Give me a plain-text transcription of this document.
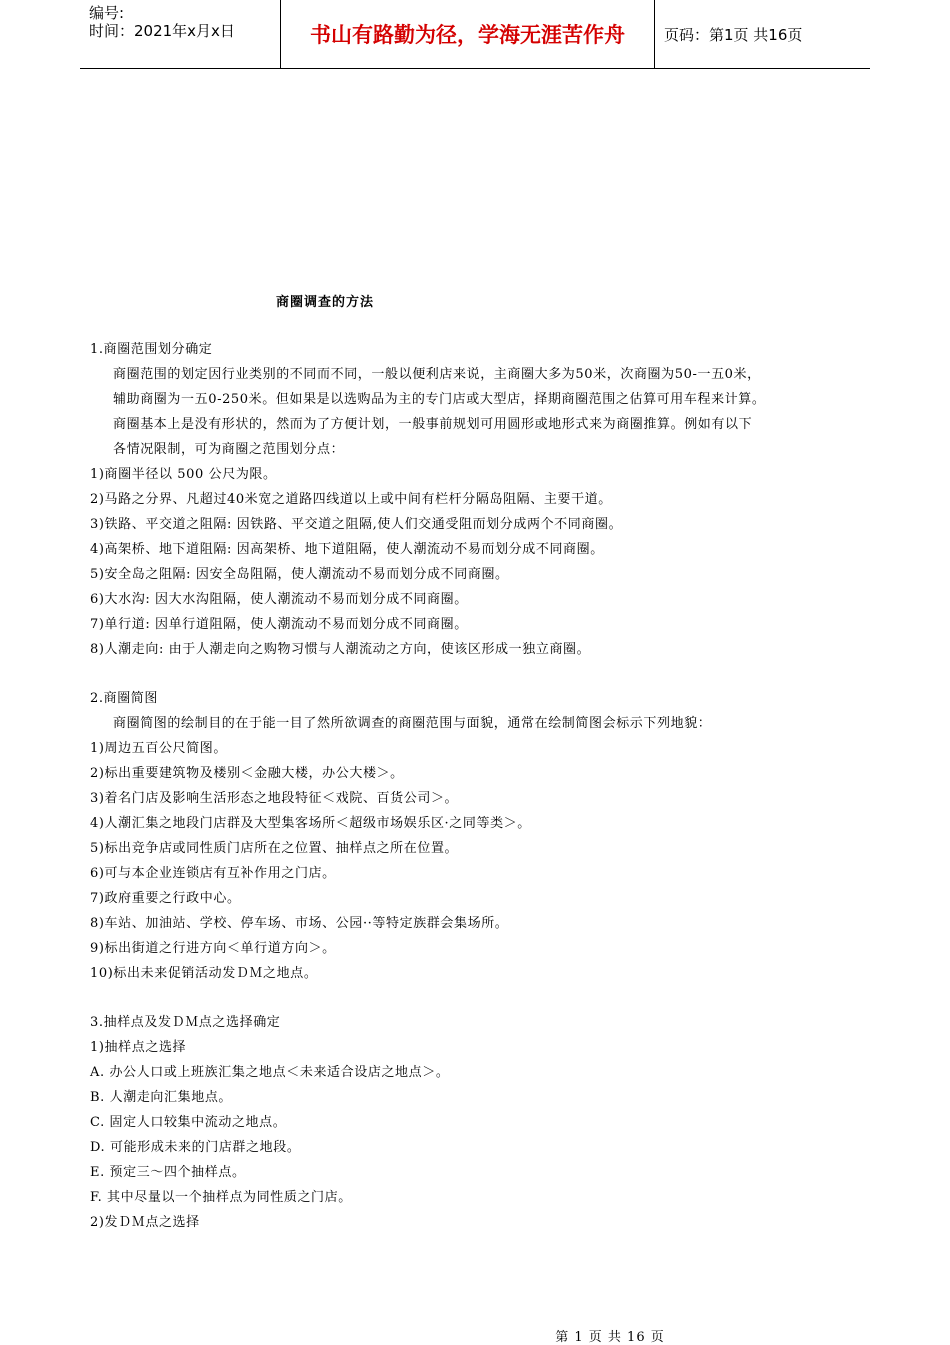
编号:
时间：2021年x月x日	书山有路勤为径，学海无涯苦作舟	页码：第1页 共16页
商圈调查的方法
1.商圈范围划分确定
商圈范围的划定因行业类别的不同而不同，一般以便利店来说，主商圈大多为50米，次商圈为50-一五0米，
辅助商圈为一五0-250米。但如果是以选购品为主的专门店或大型店，择期商圈范围之估算可用车程来计算。
商圈基本上是没有形状的，然而为了方便计划，一般事前规划可用圆形或地形式来为商圈推算。例如有以下
各情况限制，可为商圈之范围划分点：
1)商圈半径以 500 公尺为限。
2)马路之分界、凡超过40米宽之道路四线道以上或中间有栏杆分隔岛阻隔、主要干道。
3)铁路、平交道之阻隔: 因铁路、平交道之阻隔,使人们交通受阻而划分成两个不同商圈。
4)高架桥、地下道阻隔: 因高架桥、地下道阻隔，使人潮流动不易而划分成不同商圈。
5)安全岛之阻隔: 因安全岛阻隔，使人潮流动不易而划分成不同商圈。
6)大水沟: 因大水沟阻隔，使人潮流动不易而划分成不同商圈。
7)单行道: 因单行道阻隔，使人潮流动不易而划分成不同商圈。
8)人潮走向: 由于人潮走向之购物习惯与人潮流动之方向，使该区形成一独立商圈。
2.商圈简图
商圈简图的绘制目的在于能一目了然所欲调查的商圈范围与面貌，通常在绘制简图会标示下列地貌：
1)周边五百公尺简图。
2)标出重要建筑物及楼别＜金融大楼，办公大楼＞。
3)着名门店及影响生活形态之地段特征＜戏院、百货公司＞。
4)人潮汇集之地段门店群及大型集客场所＜超级市场娱乐区·之同等类＞。
5)标出竞争店或同性质门店所在之位置、抽样点之所在位置。
6)可与本企业连锁店有互补作用之门店。
7)政府重要之行政中心。
8)车站、加油站、学校、停车场、市场、公园··等特定族群会集场所。
9)标出街道之行进方向＜单行道方向＞。
10)标出未来促销活动发ＤＭ之地点。
3.抽样点及发ＤＭ点之选择确定
1)抽样点之选择
A. 办公人口或上班族汇集之地点＜未来适合设店之地点＞。
B. 人潮走向汇集地点。
C. 固定人口较集中流动之地点。
D. 可能形成未来的门店群之地段。
E. 预定三～四个抽样点。
F. 其中尽量以一个抽样点为同性质之门店。
2)发ＤＭ点之选择
第 1 页 共 16 页
